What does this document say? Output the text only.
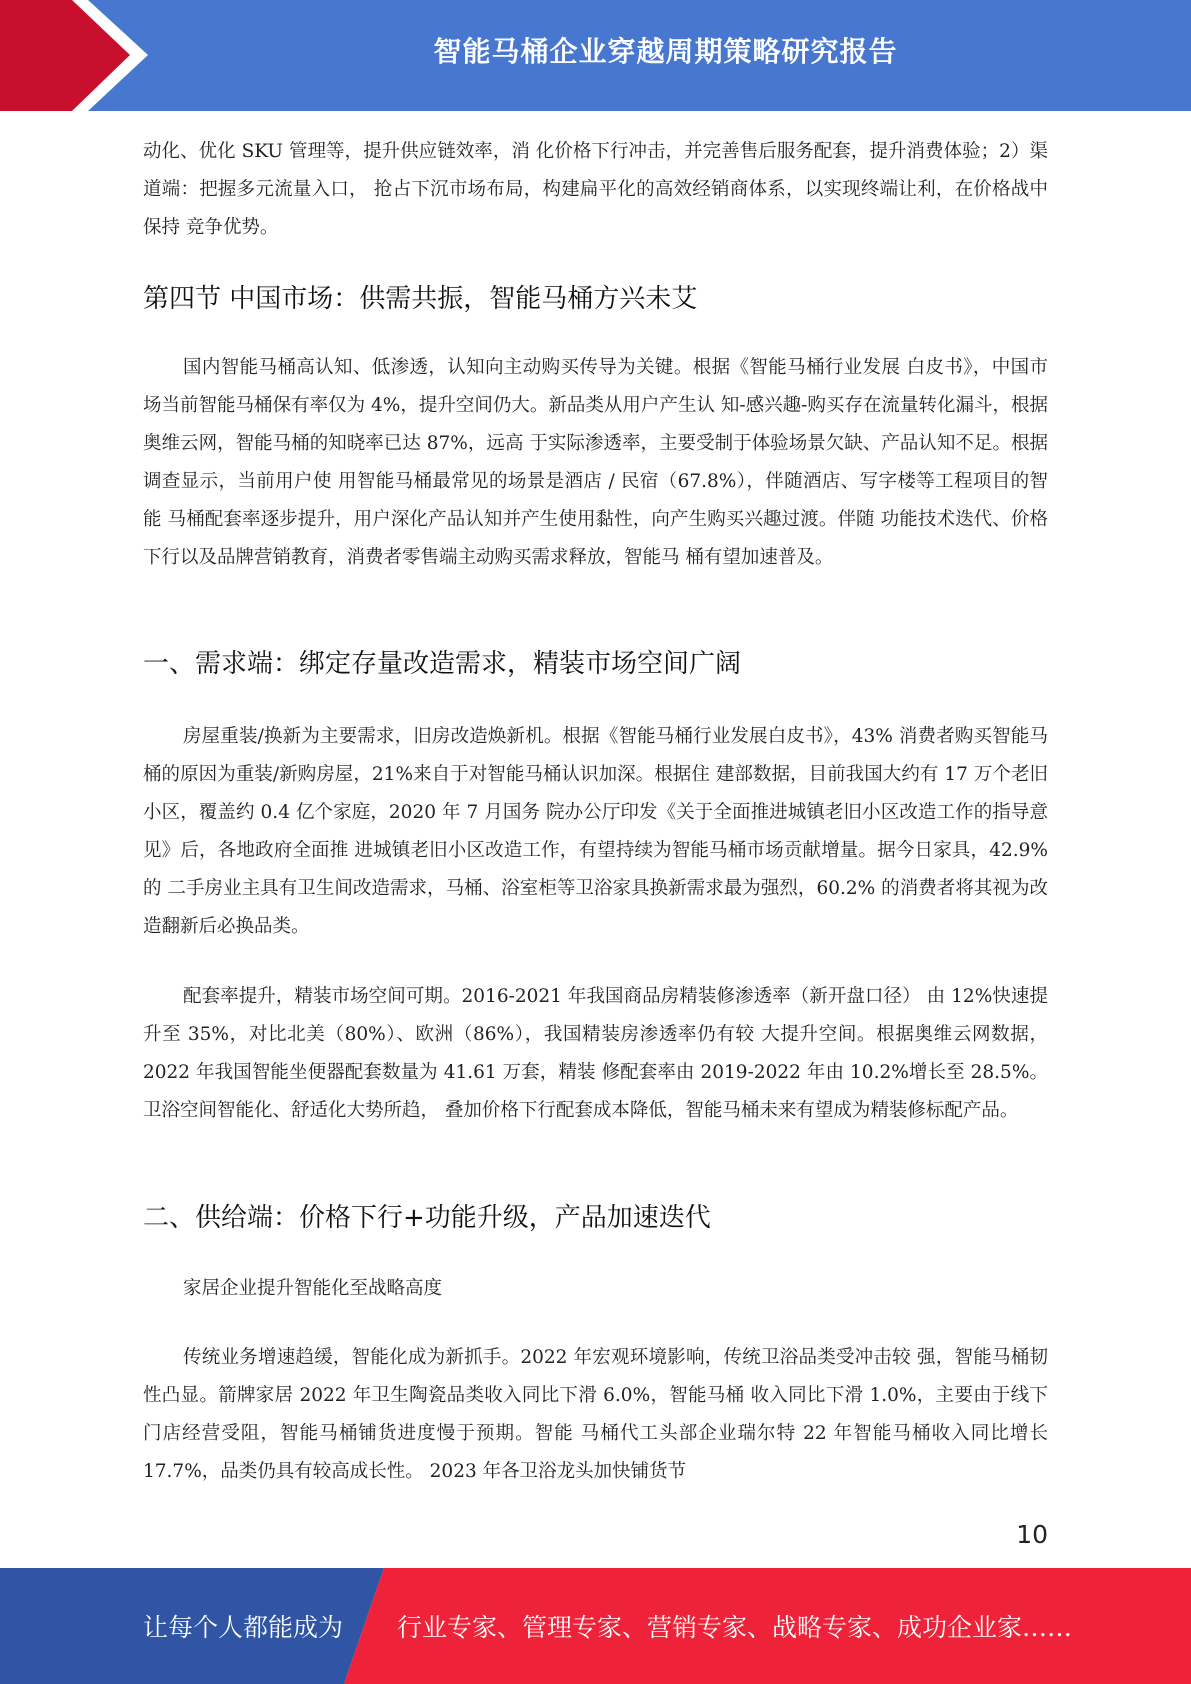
智能马桶企业穿越周期策略研究报告

动化、优化 SKU 管理等，提升供应链效率，消 化价格下行冲击，并完善售后服务配套，提升消费体验；2）渠道端：把握多元流量入口， 抢占下沉市场布局，构建扁平化的高效经销商体系，以实现终端让利，在价格战中保持 竞争优势。

第四节 中国市场：供需共振，智能马桶方兴未艾

国内智能马桶高认知、低渗透，认知向主动购买传导为关键。根据《智能马桶行业发展 白皮书》，中国市场当前智能马桶保有率仅为 4%，提升空间仍大。新品类从用户产生认 知-感兴趣-购买存在流量转化漏斗，根据奥维云网，智能马桶的知晓率已达 87%，远高 于实际渗透率，主要受制于体验场景欠缺、产品认知不足。根据调查显示，当前用户使 用智能马桶最常见的场景是酒店 / 民宿（67.8%），伴随酒店、写字楼等工程项目的智能 马桶配套率逐步提升，用户深化产品认知并产生使用黏性，向产生购买兴趣过渡。伴随 功能技术迭代、价格下行以及品牌营销教育，消费者零售端主动购买需求释放，智能马 桶有望加速普及。

一、需求端：绑定存量改造需求，精装市场空间广阔

房屋重装/换新为主要需求，旧房改造焕新机。根据《智能马桶行业发展白皮书》，43% 消费者购买智能马桶的原因为重装/新购房屋，21%来自于对智能马桶认识加深。根据住 建部数据，目前我国大约有 17 万个老旧小区，覆盖约 0.4 亿个家庭，2020 年 7 月国务 院办公厅印发《关于全面推进城镇老旧小区改造工作的指导意见》后，各地政府全面推 进城镇老旧小区改造工作，有望持续为智能马桶市场贡献增量。据今日家具，42.9%的 二手房业主具有卫生间改造需求，马桶、浴室柜等卫浴家具换新需求最为强烈，60.2% 的消费者将其视为改造翻新后必换品类。

配套率提升，精装市场空间可期。2016-2021 年我国商品房精装修渗透率（新开盘口径） 由 12%快速提升至 35%，对比北美（80%）、欧洲（86%），我国精装房渗透率仍有较 大提升空间。根据奥维云网数据，2022 年我国智能坐便器配套数量为 41.61 万套，精装 修配套率由 2019-2022 年由 10.2%增长至 28.5%。卫浴空间智能化、舒适化大势所趋， 叠加价格下行配套成本降低，智能马桶未来有望成为精装修标配产品。

二、供给端：价格下行+功能升级，产品加速迭代

家居企业提升智能化至战略高度

传统业务增速趋缓，智能化成为新抓手。2022 年宏观环境影响，传统卫浴品类受冲击较 强，智能马桶韧性凸显。箭牌家居 2022 年卫生陶瓷品类收入同比下滑 6.0%，智能马桶 收入同比下滑 1.0%，主要由于线下门店经营受阻，智能马桶铺货进度慢于预期。智能 马桶代工头部企业瑞尔特 22 年智能马桶收入同比增长 17.7%，品类仍具有较高成长性。 2023 年各卫浴龙头加快铺货节

10
让每个人都能成为 行业专家、管理专家、营销专家、战略专家、成功企业家……
